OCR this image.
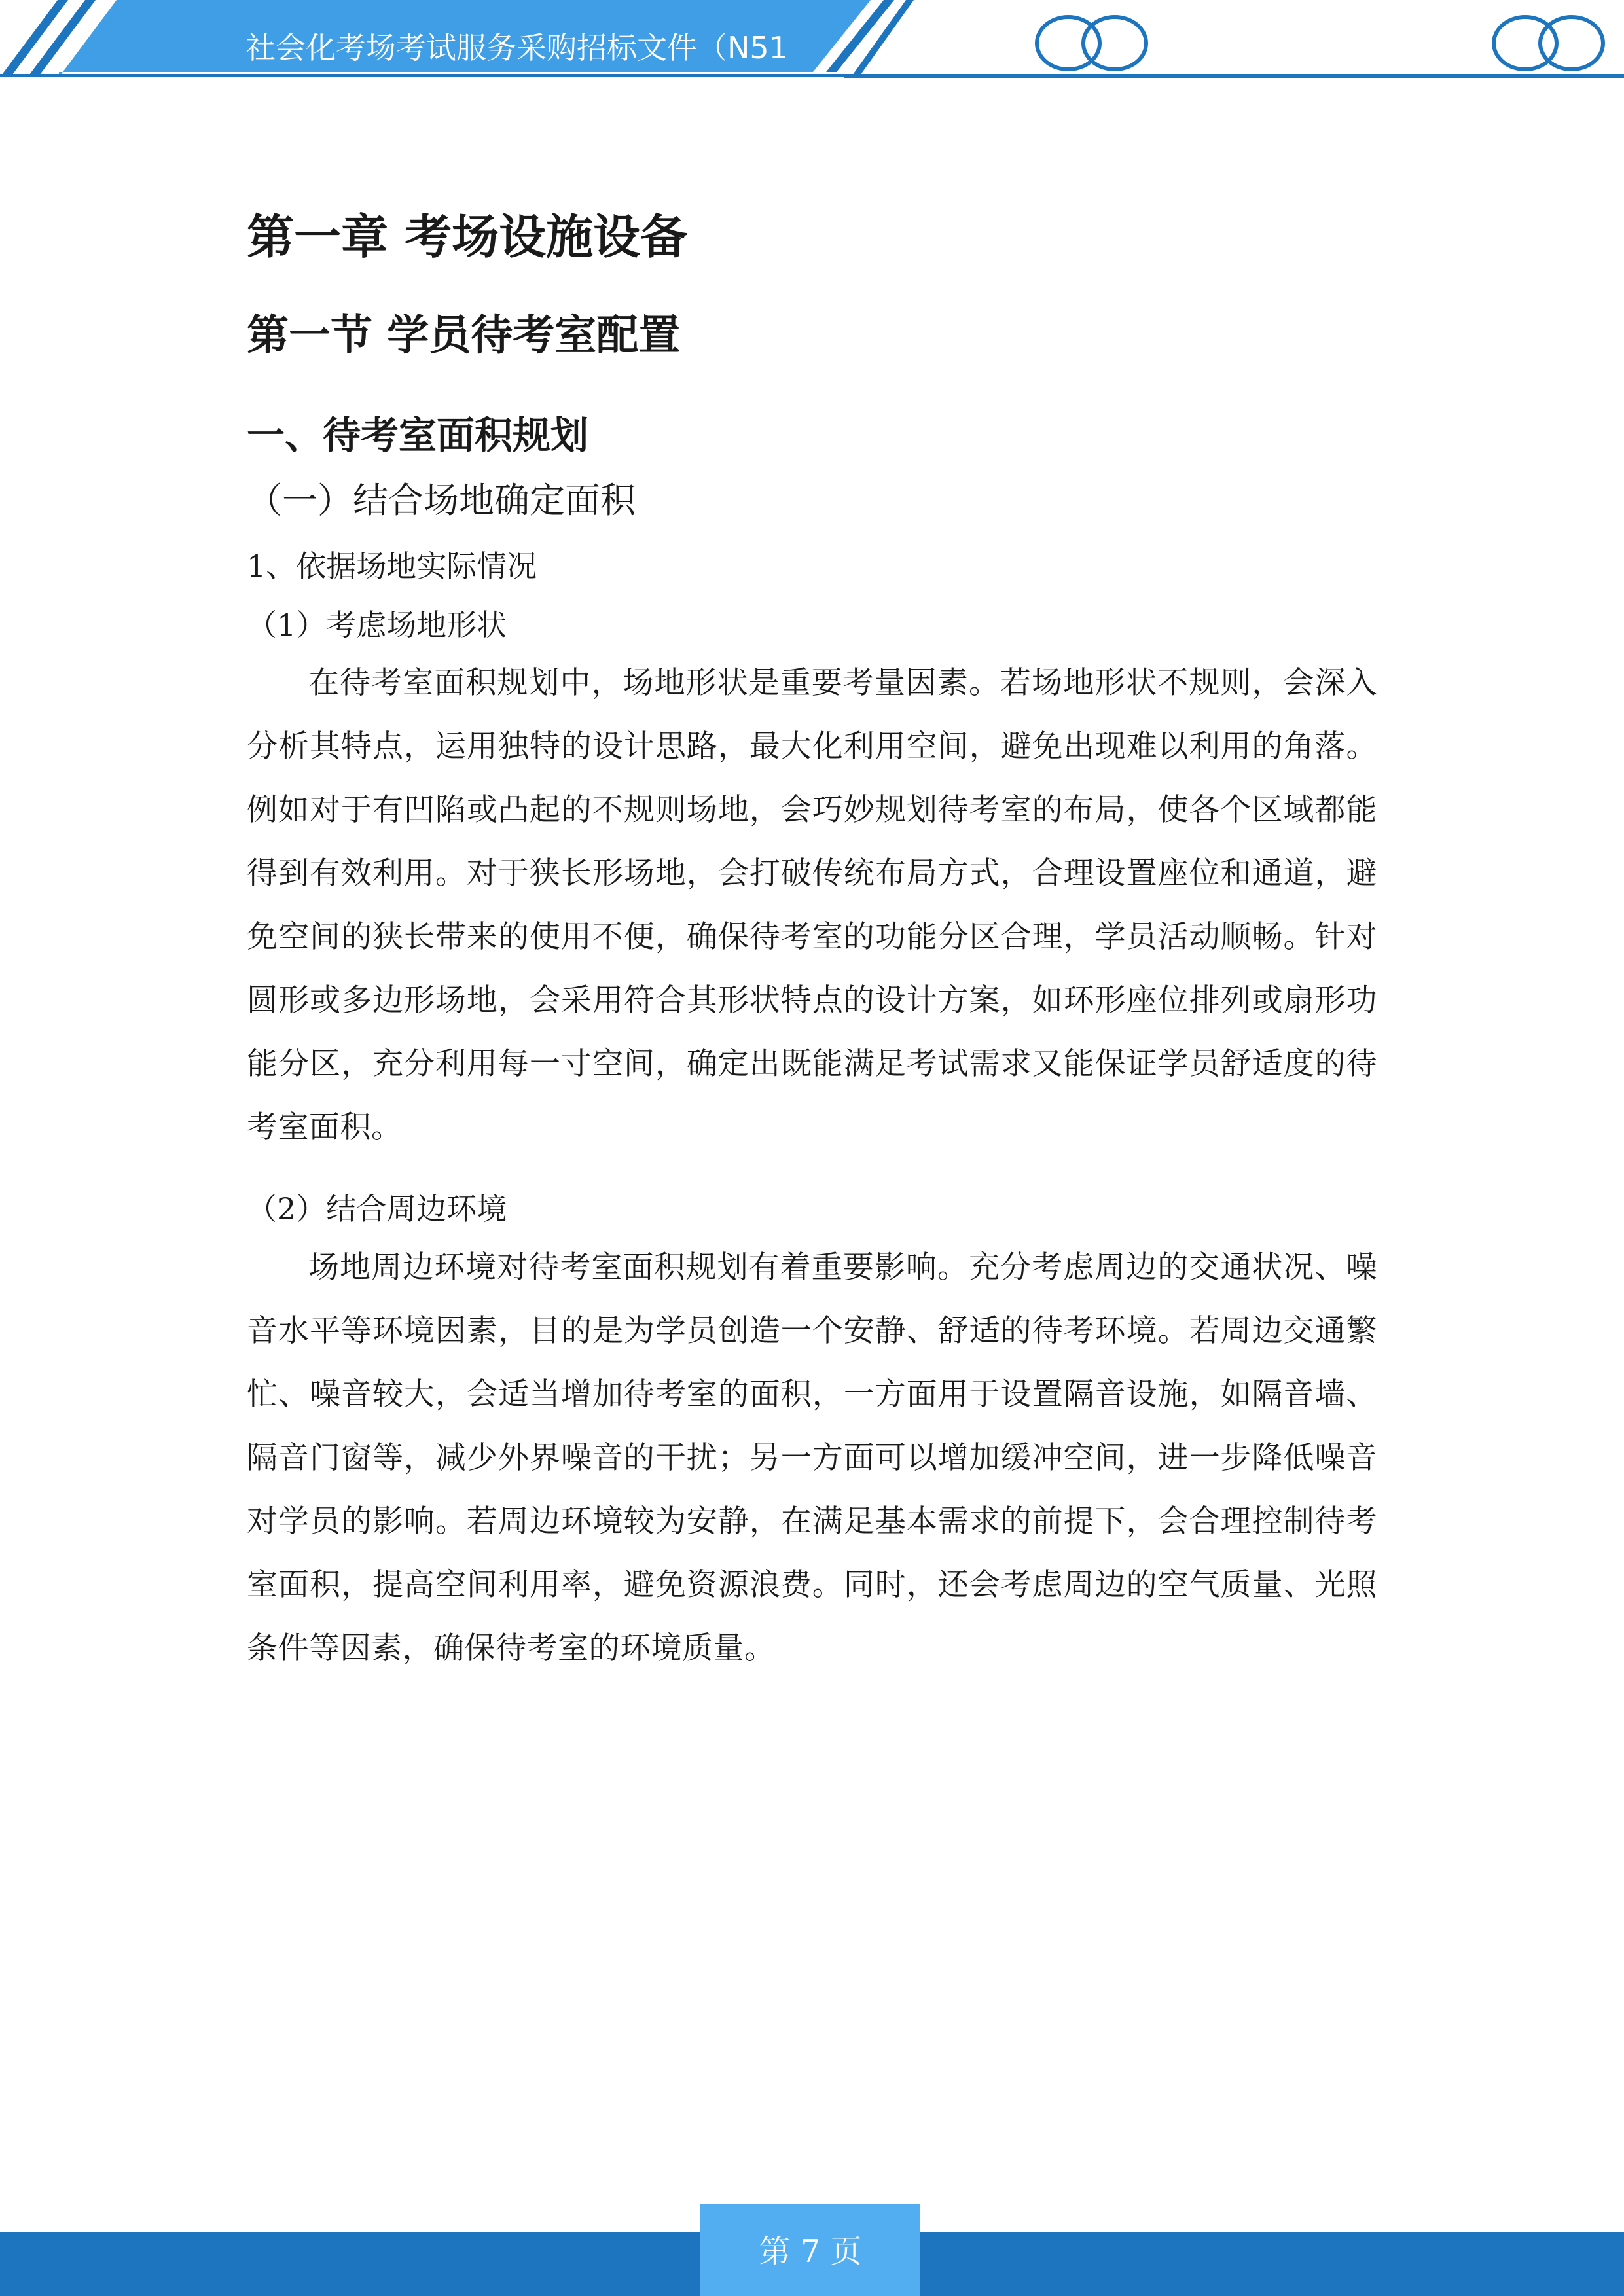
社会化考场考试服务采购招标文件（N51
第一章 考场设施设备
第一节 学员待考室配置
一、待考室面积规划
（一）结合场地确定面积
1、依据场地实际情况
（1）考虑场地形状

在待考室面积规划中，场地形状是重要考量因素。若场地形状不规则，会深入分析其特点，运用独特的设计思路，最大化利用空间，避免出现难以利用的角落。例如对于有凹陷或凸起的不规则场地，会巧妙规划待考室的布局，使各个区域都能得到有效利用。对于狭长形场地，会打破传统布局方式，合理设置座位和通道，避免空间的狭长带来的使用不便，确保待考室的功能分区合理，学员活动顺畅。针对圆形或多边形场地，会采用符合其形状特点的设计方案，如环形座位排列或扇形功能分区，充分利用每一寸空间，确定出既能满足考试需求又能保证学员舒适度的待考室面积。

（2）结合周边环境

场地周边环境对待考室面积规划有着重要影响。充分考虑周边的交通状况、噪音水平等环境因素，目的是为学员创造一个安静、舒适的待考环境。若周边交通繁忙、噪音较大，会适当增加待考室的面积，一方面用于设置隔音设施，如隔音墙、隔音门窗等，减少外界噪音的干扰；另一方面可以增加缓冲空间，进一步降低噪音对学员的影响。若周边环境较为安静，在满足基本需求的前提下，会合理控制待考室面积，提高空间利用率，避免资源浪费。同时，还会考虑周边的空气质量、光照条件等因素，确保待考室的环境质量。

第 7 页
